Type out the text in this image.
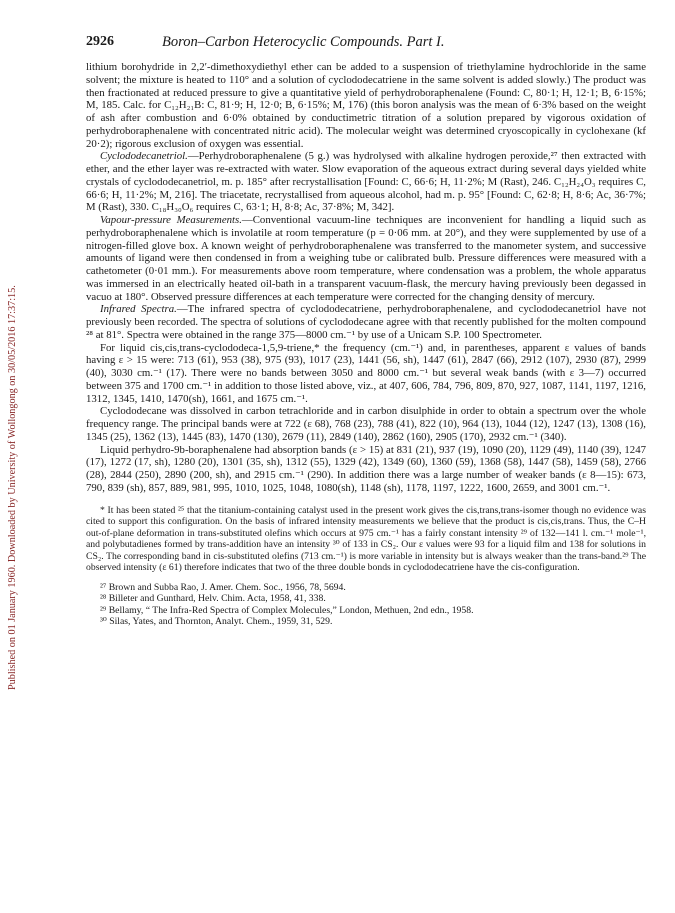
Published on 01 January 1960. Downloaded by University of Wollongong on 30/05/2016 17:37:15.
2926	Boron–Carbon Heterocyclic Compounds. Part I.

lithium borohydride in 2,2′-dimethoxydiethyl ether can be added to a suspension of triethylamine hydrochloride in the same solvent; the mixture is heated to 110° and a solution of cyclododecatriene in the same solvent is added slowly.) The product was then fractionated at reduced pressure to give a quantitative yield of perhydroboraphenalene (Found: C, 80·1; H, 12·1; B, 6·15%; M, 185. Calc. for C₁₂H₂₁B: C, 81·9; H, 12·0; B, 6·15%; M, 176) (this boron analysis was the mean of 6·3% based on the weight of ash after combustion and 6·0% obtained by conductimetric titration of a solution prepared by vigorous oxidation of perhydroboraphenalene with concentrated nitric acid). The molecular weight was determined cryoscopically in cyclohexane (kf 20·2); rigorous exclusion of oxygen was essential.

Cyclododecanetriol.—Perhydroboraphenalene (5 g.) was hydrolysed with alkaline hydrogen peroxide,²⁷ then extracted with ether, and the ether layer was re-extracted with water. Slow evaporation of the aqueous extract during several days yielded white crystals of cyclododecanetriol, m. p. 185° after recrystallisation [Found: C, 66·6; H, 11·2%; M (Rast), 246. C₁₂H₂₄O₃ requires C, 66·6; H, 11·2%; M, 216]. The triacetate, recrystallised from aqueous alcohol, had m. p. 95° [Found: C, 62·8; H, 8·6; Ac, 36·7%; M (Rast), 330. C₁₈H₃₀O₆ requires C, 63·1; H, 8·8; Ac, 37·8%; M, 342].

Vapour-pressure Measurements.—Conventional vacuum-line techniques are inconvenient for handling a liquid such as perhydroboraphenalene which is involatile at room temperature (p = 0·06 mm. at 20°), and they were supplemented by use of a nitrogen-filled glove box. A known weight of perhydroboraphenalene was transferred to the manometer system, and successive amounts of ligand were then condensed in from a weighing tube or calibrated bulb. Pressure differences were measured with a cathetometer (0·01 mm.). For measurements above room temperature, where condensation was a problem, the whole apparatus was immersed in an electrically heated oil-bath in a transparent vacuum-flask, the mercury having previously been degassed in vacuo at 180°. Observed pressure differences at each temperature were corrected for the changing density of mercury.

Infrared Spectra.—The infrared spectra of cyclododecatriene, perhydroboraphenalene, and cyclododecanetriol have not previously been recorded. The spectra of solutions of cyclododecane agree with that recently published for the molten compound ²⁸ at 81°. Spectra were obtained in the range 375—8000 cm.⁻¹ by use of a Unicam S.P. 100 Spectrometer.

For liquid cis,cis,trans-cyclododeca-1,5,9-triene,* the frequency (cm.⁻¹) and, in parentheses, apparent ε values of bands having ε > 15 were: 713 (61), 953 (38), 975 (93), 1017 (23), 1441 (56, sh), 1447 (61), 2847 (66), 2912 (107), 2930 (87), 2999 (40), 3030 cm.⁻¹ (17). There were no bands between 3050 and 8000 cm.⁻¹ but several weak bands (with ε 3—7) occurred between 375 and 1700 cm.⁻¹ in addition to those listed above, viz., at 407, 606, 784, 796, 809, 870, 927, 1087, 1141, 1197, 1216, 1312, 1345, 1410, 1470(sh), 1661, and 1675 cm.⁻¹.

Cyclododecane was dissolved in carbon tetrachloride and in carbon disulphide in order to obtain a spectrum over the whole frequency range. The principal bands were at 722 (ε 68), 768 (23), 788 (41), 822 (10), 964 (13), 1044 (12), 1247 (13), 1308 (16), 1345 (25), 1362 (13), 1445 (83), 1470 (130), 2679 (11), 2849 (140), 2862 (160), 2905 (170), 2932 cm.⁻¹ (340).

Liquid perhydro-9b-boraphenalene had absorption bands (ε > 15) at 831 (21), 937 (19), 1090 (20), 1129 (49), 1140 (39), 1247 (17), 1272 (17, sh), 1280 (20), 1301 (35, sh), 1312 (55), 1329 (42), 1349 (60), 1360 (59), 1368 (58), 1447 (58), 1459 (58), 2766 (28), 2844 (250), 2890 (200, sh), and 2915 cm.⁻¹ (290). In addition there was a large number of weaker bands (ε 8—15): 673, 790, 839 (sh), 857, 889, 981, 995, 1010, 1025, 1048, 1080(sh), 1148 (sh), 1178, 1197, 1222, 1600, 2659, and 3001 cm.⁻¹.

* It has been stated ²⁵ that the titanium-containing catalyst used in the present work gives the cis,trans,trans-isomer though no evidence was cited to support this configuration. On the basis of infrared intensity measurements we believe that the product is cis,cis,trans. Thus, the C–H out-of-plane deformation in trans-substituted olefins which occurs at 975 cm.⁻¹ has a fairly constant intensity ²⁹ of 132—141 l. cm.⁻¹ mole⁻¹, and polybutadienes formed by trans-addition have an intensity ³⁰ of 133 in CS₂. Our ε values were 93 for a liquid film and 138 for solutions in CS₂. The corresponding band in cis-substituted olefins (713 cm.⁻¹) is more variable in intensity but is always weaker than the trans-band.²⁹ The observed intensity (ε 61) therefore indicates that two of the three double bonds in cyclododecatriene have the cis-configuration.

²⁷ Brown and Subba Rao, J. Amer. Chem. Soc., 1956, 78, 5694.
²⁸ Billeter and Gunthard, Helv. Chim. Acta, 1958, 41, 338.
²⁹ Bellamy, “ The Infra-Red Spectra of Complex Molecules,” London, Methuen, 2nd edn., 1958.
³⁰ Silas, Yates, and Thornton, Analyt. Chem., 1959, 31, 529.
